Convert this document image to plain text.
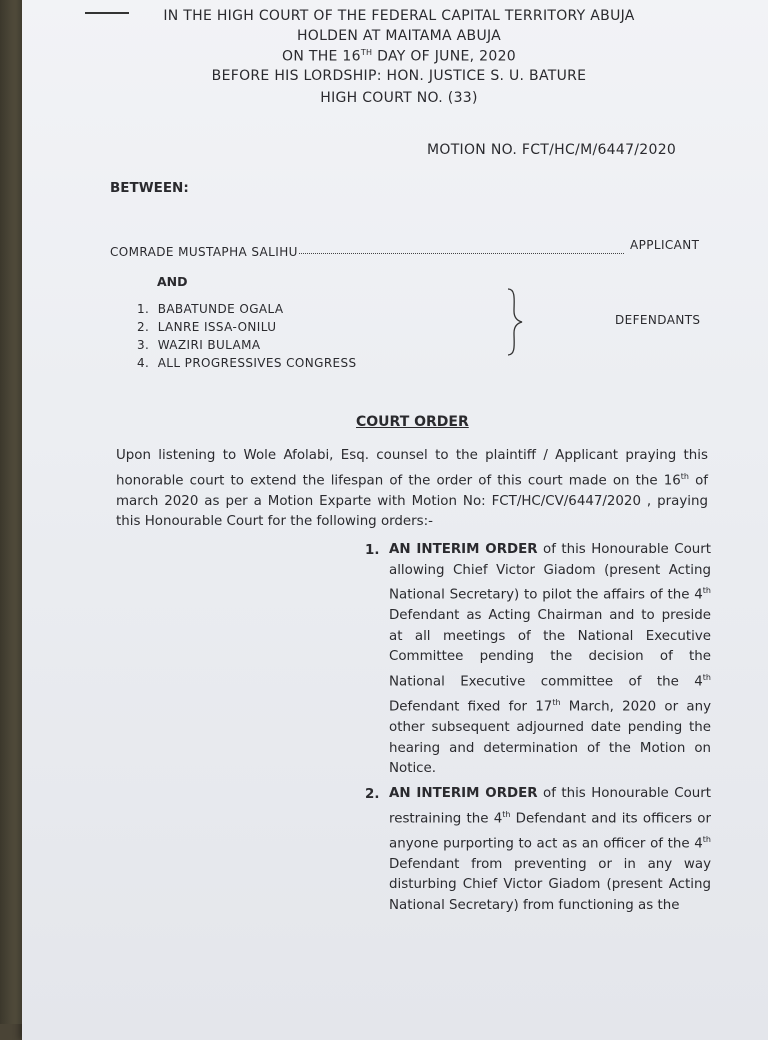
IN THE HIGH COURT OF THE FEDERAL CAPITAL TERRITORY ABUJA
HOLDEN AT MAITAMA ABUJA
ON THE 16TH DAY OF JUNE, 2020
BEFORE HIS LORDSHIP: HON. JUSTICE S. U. BATURE
HIGH COURT NO. (33)
MOTION NO. FCT/HC/M/6447/2020
BETWEEN:
COMRADE MUSTAPHA SALIHU	APPLICANT
AND
1. BABATUNDE OGALA
2. LANRE ISSA-ONILU
3. WAZIRI BULAMA
4. ALL PROGRESSIVES CONGRESS
DEFENDANTS
COURT ORDER
Upon listening to Wole Afolabi, Esq. counsel to the plaintiff / Applicant praying this honorable court to extend the lifespan of the order of this court made on the 16th of march 2020 as per a Motion Exparte with Motion No: FCT/HC/CV/6447/2020 , praying this Honourable Court for the following orders:-
1. AN INTERIM ORDER of this Honourable Court allowing Chief Victor Giadom (present Acting National Secretary) to pilot the affairs of the 4th Defendant as Acting Chairman and to preside at all meetings of the National Executive Committee pending the decision of the National Executive committee of the 4th Defendant fixed for 17th March, 2020 or any other subsequent adjourned date pending the hearing and determination of the Motion on Notice.
2. AN INTERIM ORDER of this Honourable Court restraining the 4th Defendant and its officers or anyone purporting to act as an officer of the 4th Defendant from preventing or in any way disturbing Chief Victor Giadom (present Acting National Secretary) from functioning as the
